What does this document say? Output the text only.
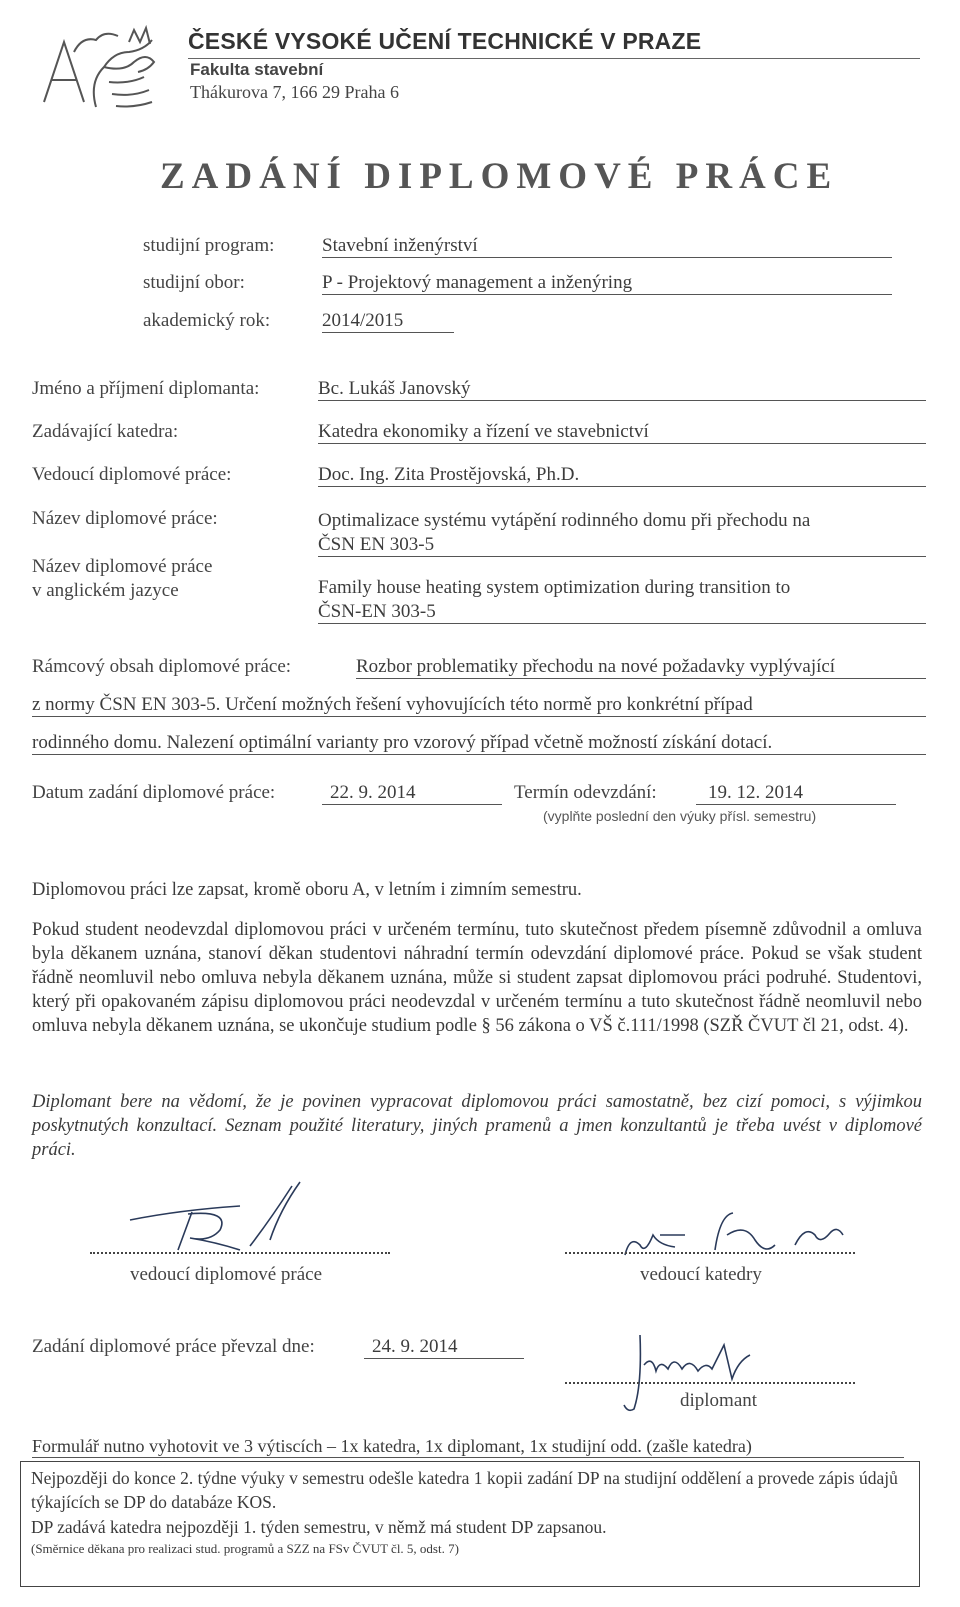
ČESKÉ VYSOKÉ UČENÍ TECHNICKÉ V PRAZE
Fakulta stavební
Thákurova 7, 166 29 Praha 6
ZADÁNÍ DIPLOMOVÉ PRÁCE
studijní program:	Stavební inženýrství
studijní obor:	P - Projektový management a inženýring
akademický rok:	2014/2015
Jméno a příjmení diplomanta:	Bc. Lukáš Janovský
Zadávající katedra:	Katedra ekonomiky a řízení ve stavebnictví
Vedoucí diplomové práce:	Doc. Ing. Zita Prostějovská, Ph.D.
Název diplomové práce:	Optimalizace systému vytápění rodinného domu při přechodu na
ČSN EN 303-5
Název diplomové práce
v anglickém jazyce	Family house heating system optimization during transition to
ČSN-EN 303-5
Rámcový obsah diplomové práce:	Rozbor problematiky přechodu na nové požadavky vyplývající
z normy ČSN EN 303-5. Určení možných řešení vyhovujících této normě pro konkrétní případ
rodinného domu. Nalezení optimální varianty pro vzorový případ včetně možností získání dotací.
Datum zadání diplomové práce:	22. 9. 2014	Termín odevzdání:	19. 12. 2014
(vyplňte poslední den výuky přísl. semestru)
Diplomovou práci lze zapsat, kromě oboru A, v letním i zimním semestru.
Pokud student neodevzdal diplomovou práci v určeném termínu, tuto skutečnost předem písemně zdůvodnil a omluva byla děkanem uznána, stanoví děkan studentovi náhradní termín odevzdání diplomové práce. Pokud se však student řádně neomluvil nebo omluva nebyla děkanem uznána, může si student zapsat diplomovou práci podruhé. Studentovi, který při opakovaném zápisu diplomovou práci neodevzdal v určeném termínu a tuto skutečnost řádně neomluvil nebo omluva nebyla děkanem uznána, se ukončuje studium podle § 56 zákona o VŠ č.111/1998 (SZŘ ČVUT čl 21, odst. 4).
Diplomant bere na vědomí, že je povinen vypracovat diplomovou práci samostatně, bez cizí pomoci, s výjimkou poskytnutých konzultací. Seznam použité literatury, jiných pramenů a jmen konzultantů je třeba uvést v diplomové práci.
vedoucí diplomové práce	vedoucí katedry
Zadání diplomové práce převzal dne:	24. 9. 2014
diplomant
Formulář nutno vyhotovit ve 3 výtiscích – 1x katedra, 1x diplomant, 1x studijní odd. (zašle katedra)
Nejpozději do konce 2. týdne výuky v semestru odešle katedra 1 kopii zadání DP na studijní oddělení a provede zápis údajů týkajících se DP do databáze KOS.
DP zadává katedra nejpozději 1. týden semestru, v němž má student DP zapsanou.
(Směrnice děkana pro realizaci stud. programů a SZZ na FSv ČVUT čl. 5, odst. 7)
